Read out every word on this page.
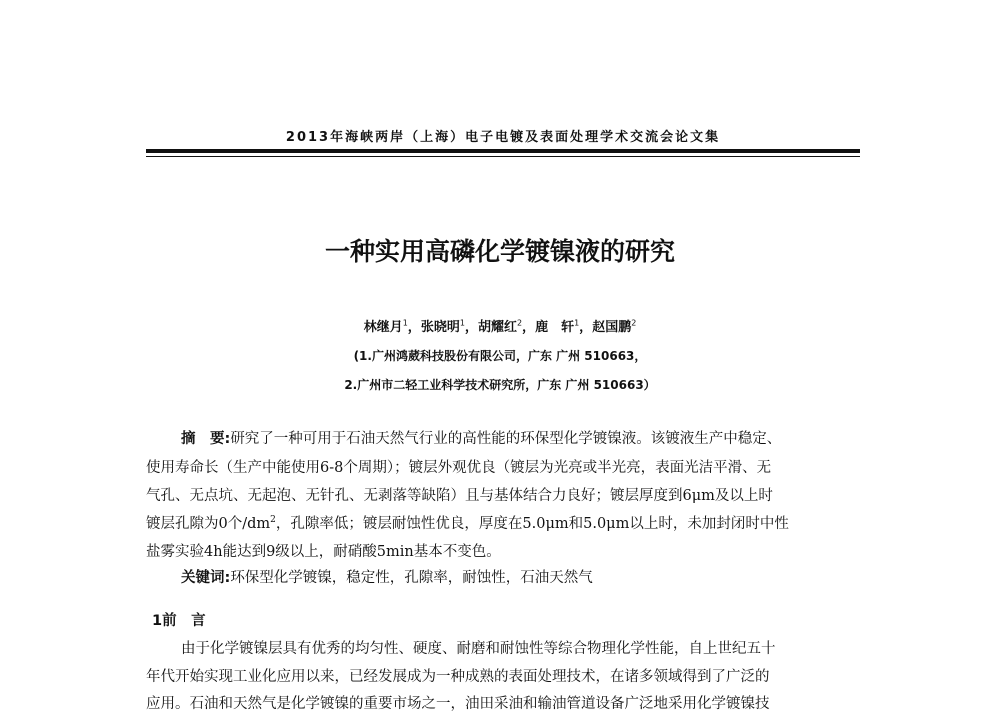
2013年海峡两岸（上海）电子电镀及表面处理学术交流会论文集
一种实用高磷化学镀镍液的研究
林继月$^1$，张晓明$^1$，胡耀红$^2$，鹿　轩$^1$，赵国鹏$^2$
(1.广州鸿葳科技股份有限公司，广东 广州 510663，
2.广州市二轻工业科学技术研究所，广东 广州 510663）
摘　要:研究了一种可用于石油天然气行业的高性能的环保型化学镀镍液。该镀液生产中稳定、
使用寿命长（生产中能使用6-8个周期）；镀层外观优良（镀层为光亮或半光亮，表面光洁平滑、无
气孔、无点坑、无起泡、无针孔、无剥落等缺陷）且与基体结合力良好；镀层厚度到6μm及以上时
镀层孔隙为0个$/dm^2$，孔隙率低；镀层耐蚀性优良，厚度在5.0μm和5.0μm以上时，未加封闭时中性
盐雾实验4h能达到9级以上，耐硝酸5min基本不变色。
关键词:环保型化学镀镍，稳定性，孔隙率，耐蚀性，石油天然气
1前　言
由于化学镀镍层具有优秀的均匀性、硬度、耐磨和耐蚀性等综合物理化学性能，自上世纪五十
年代开始实现工业化应用以来，已经发展成为一种成熟的表面处理技术，在诸多领域得到了广泛的
应用。石油和天然气是化学镀镍的重要市场之一，油田采油和输油管道设备广泛地采用化学镀镍技
